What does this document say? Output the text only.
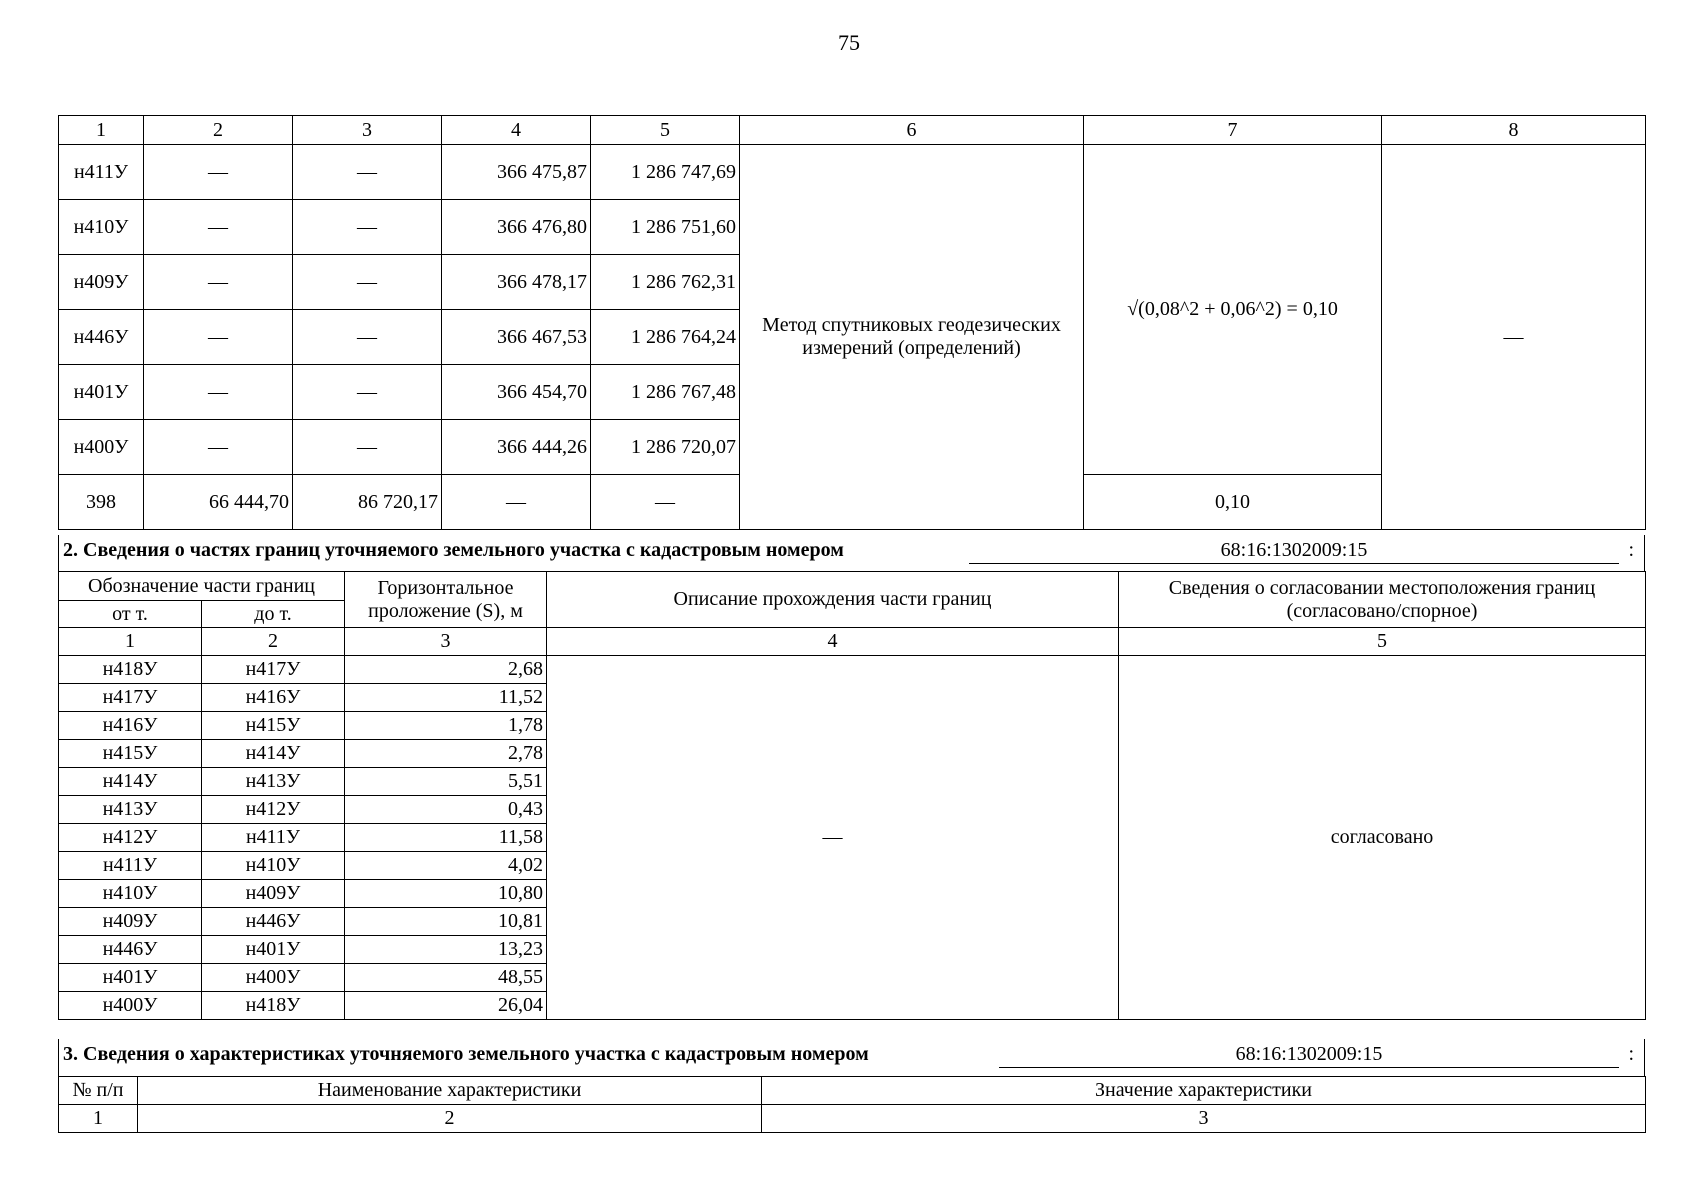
75
1	2	3	4	5	6	7	8
н411У	—	—	366 475,87	1 286 747,69	Метод спутниковых геодезических измерений (определений)	√(0,08^2 + 0,06^2) = 0,10	—
н410У	—	—	366 476,80	1 286 751,60			
н409У	—	—	366 478,17	1 286 762,31			
н446У	—	—	366 467,53	1 286 764,24			
н401У	—	—	366 454,70	1 286 767,48			
н400У	—	—	366 444,26	1 286 720,07			
398	66 444,70	86 720,17	—	—		0,10	
2. Сведения о частях границ уточняемого земельного участка с кадастровым номером	68:16:1302009:15	:
Обозначение части границ		Горизонтальное проложение (S), м	Описание прохождения части границ	Сведения о согласовании местоположения границ (согласовано/спорное)
от т.	до т.			
1	2	3	4	5
н418У	н417У	2,68	—	согласовано
н417У	н416У	11,52		
н416У	н415У	1,78		
н415У	н414У	2,78		
н414У	н413У	5,51		
н413У	н412У	0,43		
н412У	н411У	11,58		
н411У	н410У	4,02		
н410У	н409У	10,80		
н409У	н446У	10,81		
н446У	н401У	13,23		
н401У	н400У	48,55		
н400У	н418У	26,04		
3. Сведения о характеристиках уточняемого земельного участка с кадастровым номером	68:16:1302009:15	:
№ п/п	Наименование характеристики	Значение характеристики
1	2	3
